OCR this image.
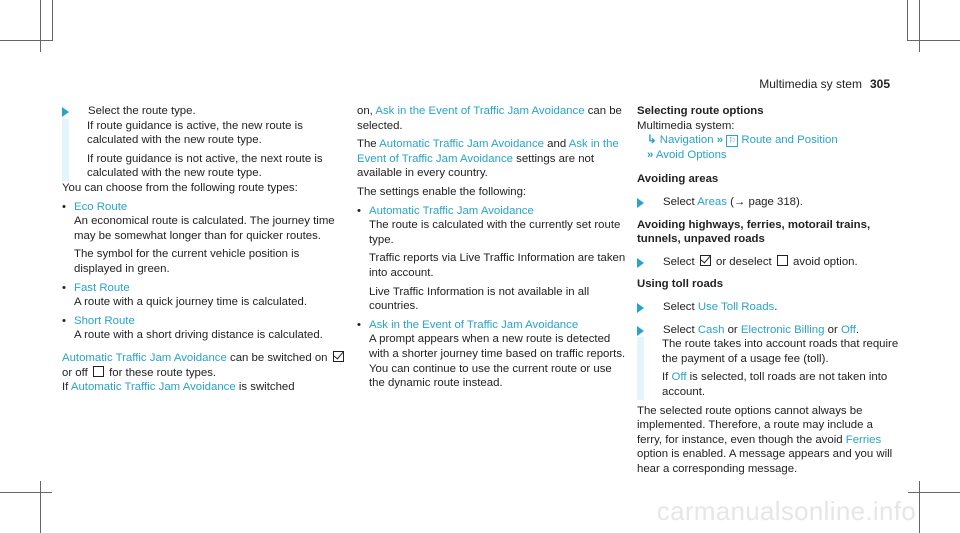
Multimedia sy stem 305

Select the route type.

If route guidance is active, the new route is calculated with the new route type.

If route guidance is not active, the next route is calculated with the new route type.

You can choose from the following route types:

• Eco Route

An economical route is calculated. The journey time may be somewhat longer than for quicker routes.

The symbol for the current vehicle position is displayed in green.

• Fast Route

A route with a quick journey time is calculated.

• Short Route

A route with a short driving distance is calculated.

Automatic Traffic Jam Avoidance can be switched on  or off  for these route types.
If Automatic Traffic Jam Avoidance is switched

on, Ask in the Event of Traffic Jam Avoidance can be selected.

The Automatic Traffic Jam Avoidance and Ask in the Event of Traffic Jam Avoidance settings are not available in every country.

The settings enable the following:

• Automatic Traffic Jam Avoidance

The route is calculated with the currently set route type.

Traffic reports via Live Traffic Information are taken into account.

Live Traffic Information is not available in all countries.

• Ask in the Event of Traffic Jam Avoidance

A prompt appears when a new route is detected with a shorter journey time based on traffic reports. You can continue to use the current route or use the dynamic route instead.

Selecting route options

Multimedia system:

↳ Navigation » ⚐ Route and Position

» Avoid Options

Avoiding areas

Select Areas (→ page 318).

Avoiding highways, ferries, motorail trains, tunnels, unpaved roads

Select  or deselect  avoid option.

Using toll roads

Select Use Toll Roads.

Select Cash or Electronic Billing or Off.

The route takes into account roads that require the payment of a usage fee (toll).

If Off is selected, toll roads are not taken into account.

The selected route options cannot always be implemented. Therefore, a route may include a ferry, for instance, even though the avoid Ferries option is enabled. A message appears and you will hear a corresponding message.

carmanualsonline.info
